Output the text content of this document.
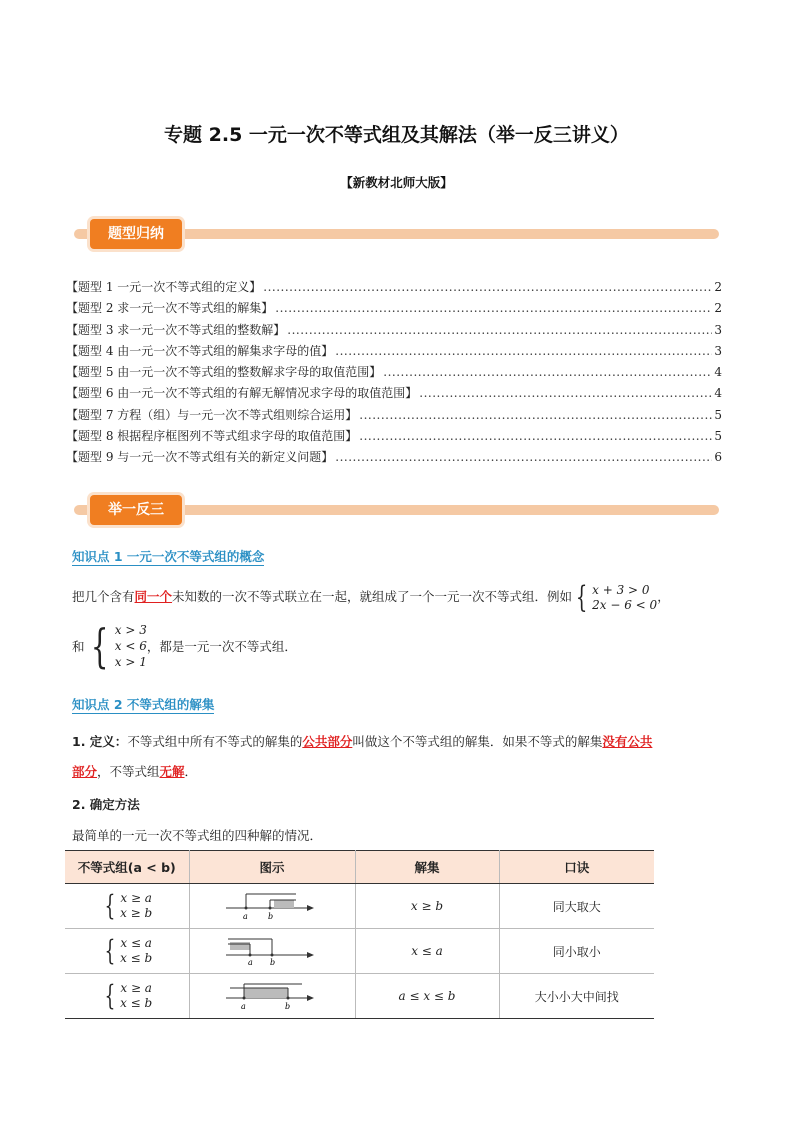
专题 2.5 一元一次不等式组及其解法（举一反三讲义）
【新教材北师大版】
题型归纳
【题型 1 一元一次不等式组的定义】 .....	2
【题型 2 求一元一次不等式组的解集】 .....	2
【题型 3 求一元一次不等式组的整数解】 .....	3
【题型 4 由一元一次不等式组的解集求字母的值】 .....	3
【题型 5 由一元一次不等式组的整数解求字母的取值范围】 .....	4
【题型 6 由一元一次不等式组的有解无解情况求字母的取值范围】 .....	4
【题型 7 方程（组）与一元一次不等式组则综合运用】 .....	5
【题型 8 根据程序框图列不等式组求字母的取值范围】 .....	5
【题型 9 与一元一次不等式组有关的新定义问题】 .....	6
举一反三
知识点 1 一元一次不等式组的概念
把几个含有同一个未知数的一次不等式联立在一起，就组成了一个一元一次不等式组．例如 { x + 3 > 0
2x − 6 < 0
，
和 { x > 3
x < 6
x > 1
，都是一元一次不等式组．
知识点 2 不等式组的解集
1. 定义：不等式组中所有不等式的解集的公共部分叫做这个不等式组的解集．如果不等式的解集没有公共
部分，不等式组无解．
2. 确定方法
最简单的一元一次不等式组的四种解的情况．
不等式组(a < b)	图示	解集	口诀

{ x ≥ a
x ≥ b	a b	x ≥ b	同大取大

{ x ≤ a
x ≤ b	a b	x ≤ a	同小取小

{ x ≥ a
x ≤ b	a b	a ≤ x ≤ b	大小小大中间找
